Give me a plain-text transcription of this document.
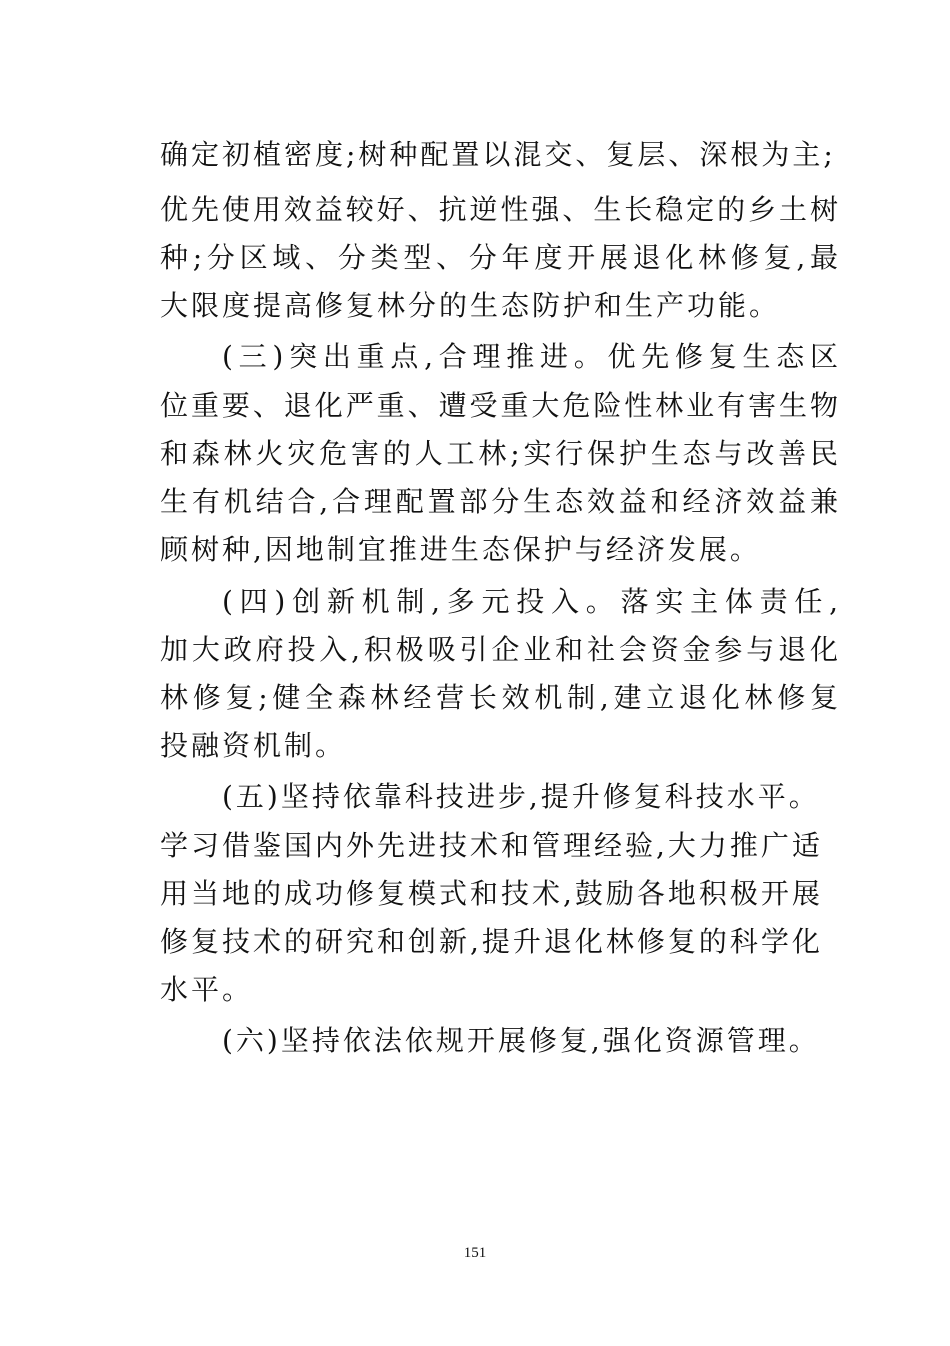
确定初植密度;树种配置以混交、复层、深根为主;
优先使用效益较好、抗逆性强、生长稳定的乡土树
种;分区域、分类型、分年度开展退化林修复,最
大限度提高修复林分的生态防护和生产功能。
(三)突出重点,合理推进。优先修复生态区
位重要、退化严重、遭受重大危险性林业有害生物
和森林火灾危害的人工林;实行保护生态与改善民
生有机结合,合理配置部分生态效益和经济效益兼
顾树种,因地制宜推进生态保护与经济发展。
(四)创新机制,多元投入。落实主体责任,
加大政府投入,积极吸引企业和社会资金参与退化
林修复;健全森林经营长效机制,建立退化林修复
投融资机制。
(五)坚持依靠科技进步,提升修复科技水平。
学习借鉴国内外先进技术和管理经验,大力推广适
用当地的成功修复模式和技术,鼓励各地积极开展
修复技术的研究和创新,提升退化林修复的科学化
水平。
(六)坚持依法依规开展修复,强化资源管理。
151
